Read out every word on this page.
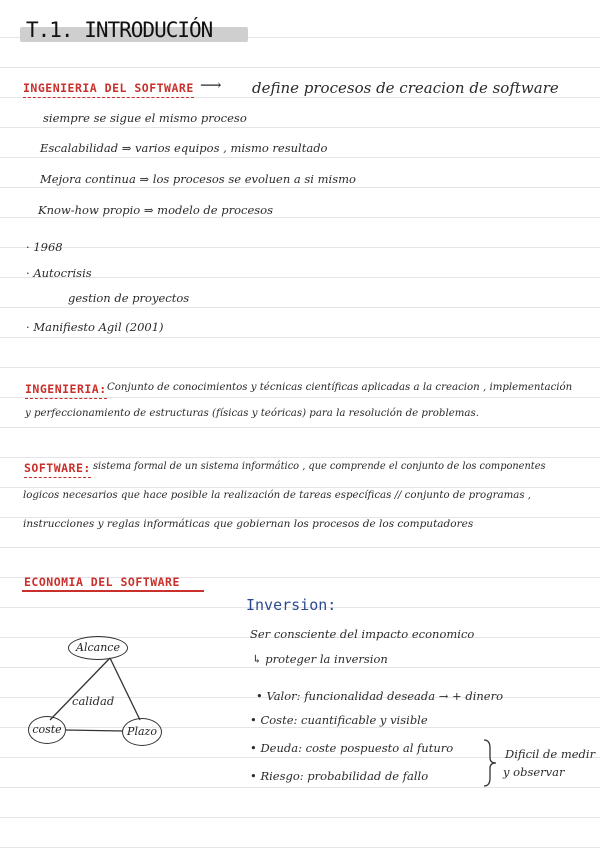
T.1. INTRODUCIÓN
INGENIERIA DEL SOFTWARE ⟶ define procesos de creacion de software
siempre se sigue el mismo proceso
Escalabilidad ⇒ varios equipos , mismo resultado
Mejora continua ⇒ los procesos se evoluen a si mismo
Know-how propio ⇒ modelo de procesos
· 1968
· Autocrisis
gestion de proyectos
· Manifiesto Agil (2001)
INGENIERIA: Conjunto de conocimientos y técnicas científicas aplicadas a la creacion , implementación
y perfeccionamiento de estructuras (físicas y teóricas) para la resolución de problemas.
SOFTWARE: sistema formal de un sistema informático , que comprende el conjunto de los componentes
logicos necesarios que hace posible la realización de tareas específicas // conjunto de programas ,
instrucciones y reglas informáticas que gobiernan los procesos de los computadores
ECONOMIA DEL SOFTWARE
Alcance
coste	Plazo
calidad
Inversion:
Ser consciente del impacto economico
↳ proteger la inversion
• Valor: funcionalidad deseada → + dinero
• Coste: cuantificable y visible
• Deuda: coste pospuesto al futuro
• Riesgo: probabilidad de fallo
Dificil de medir
y observar
